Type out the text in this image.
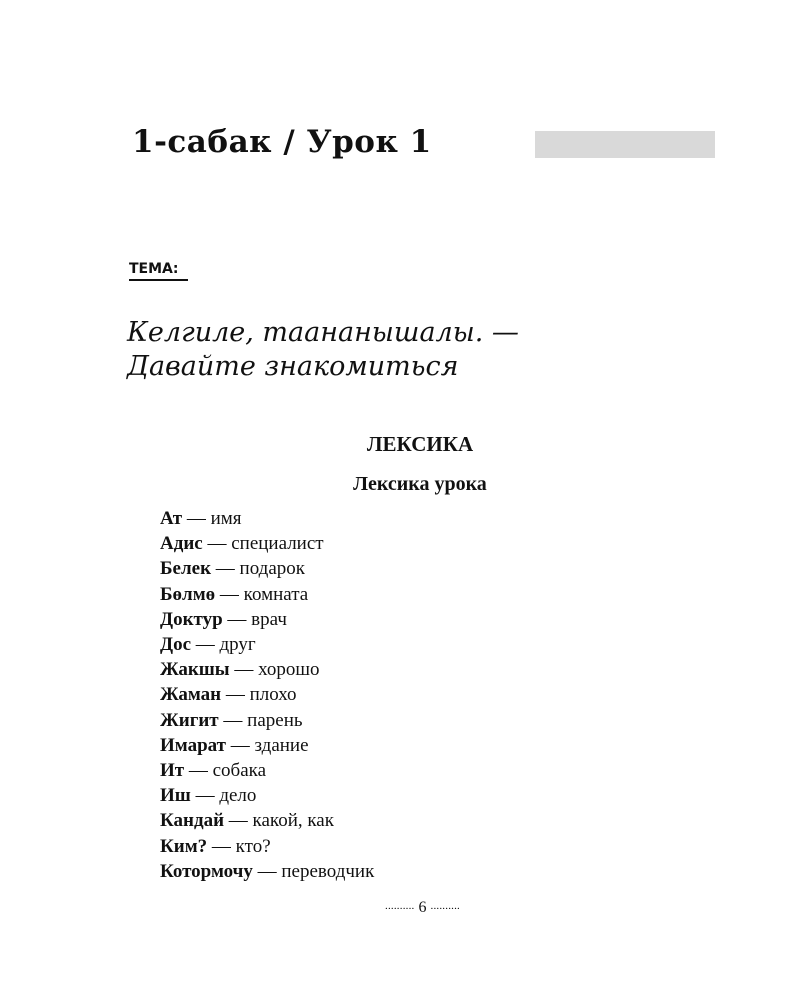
1-сабак / Урок 1
ТЕМА:

Келгиле, таананышалы. —
Давайте знакомиться

ЛЕКСИКА
Лексика урока
Ат — имя
Адис — специалист
Белек — подарок
Бөлмө — комната
Доктур — врач
Дос — друг
Жакшы — хорошо
Жаман — плохо
Жигит — парень
Имарат — здание
Ит — собака
Иш — дело
Кандай — какой, как
Ким? — кто?
Котормочу — переводчик
.......... 6 ..........
